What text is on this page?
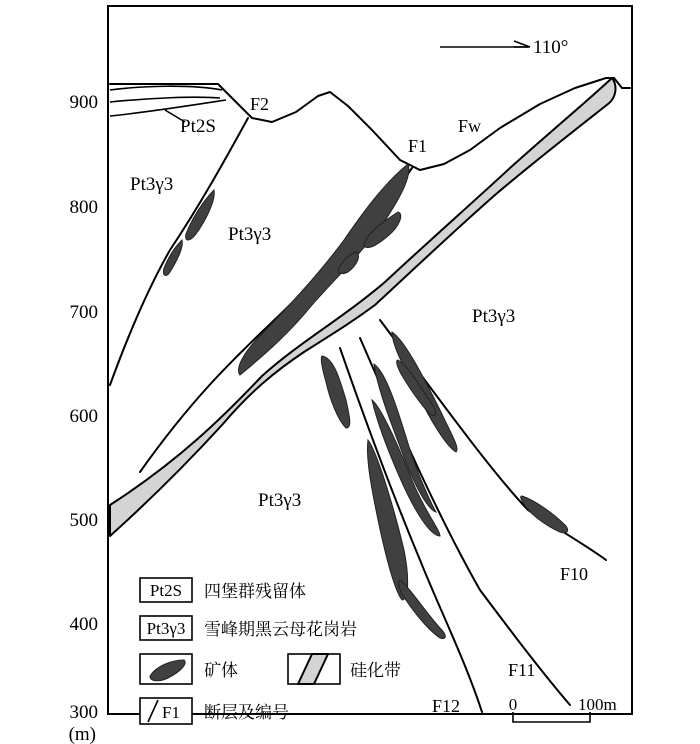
900
800
700
600
500
400
300
(m)
110°
Pt2S
Pt3γ3
Pt3γ3
Pt3γ3
Pt3γ3
F2
F1
Fw
F10
F11
F12
Pt2S 四堡群残留体
Pt3γ3 雪峰期黑云母花岗岩
矿体	硅化带
F1 断层及编号	0	100m
